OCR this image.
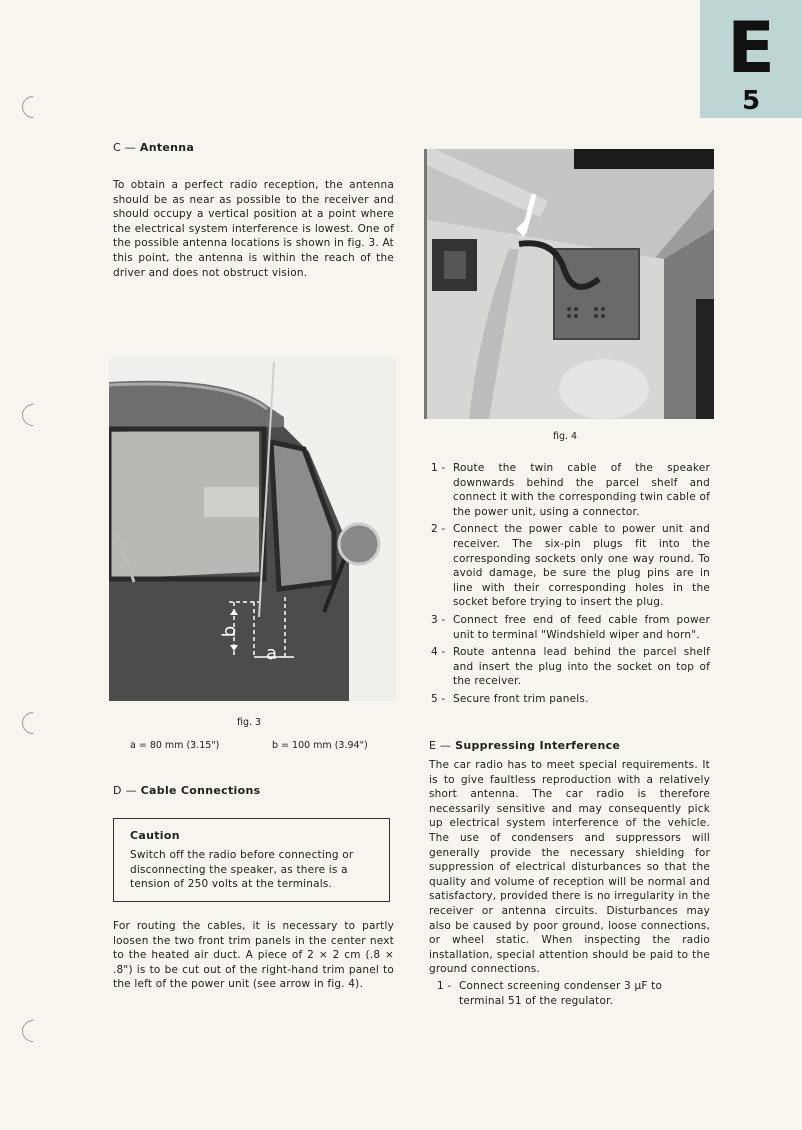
E
5
C — Antenna
To obtain a perfect radio reception, the antenna should be as near as possible to the receiver and should occupy a vertical position at a point where the electrical system interference is lowest. One of the possible antenna locations is shown in fig. 3. At this point, the antenna is within the reach of the driver and does not obstruct vision.
b
a
fig. 3
a = 80 mm (3.15")	b = 100 mm (3.94")
D — Cable Connections
Caution
Switch off the radio before connecting or disconnecting the speaker, as there is a tension of 250 volts at the terminals.
For routing the cables, it is necessary to partly loosen the two front trim panels in the center next to the heated air duct. A piece of 2 × 2 cm (.8 × .8") is to be cut out of the right-hand trim panel to the left of the power unit (see arrow in fig. 4).
fig. 4
1 - Route the twin cable of the speaker downwards behind the parcel shelf and connect it with the corresponding twin cable of the power unit, using a connector.
2 - Connect the power cable to power unit and receiver. The six-pin plugs fit into the corresponding sockets only one way round. To avoid damage, be sure the plug pins are in line with their corresponding holes in the socket before trying to insert the plug.
3 - Connect free end of feed cable from power unit to terminal "Windshield wiper and horn".
4 - Route antenna lead behind the parcel shelf and insert the plug into the socket on top of the receiver.
5 - Secure front trim panels.
E — Suppressing Interference
The car radio has to meet special requirements. It is to give faultless reproduction with a relatively short antenna. The car radio is therefore necessarily sensitive and may consequently pick up electrical system interference of the vehicle. The use of condensers and suppressors will generally provide the necessary shielding for suppression of electrical disturbances so that the quality and volume of reception will be normal and satisfactory, provided there is no irregularity in the receiver or antenna circuits. Disturbances may also be caused by poor ground, loose connections, or wheel static. When inspecting the radio installation, special attention should be paid to the ground connections.
1 - Connect screening condenser 3 μF to terminal 51 of the regulator.
